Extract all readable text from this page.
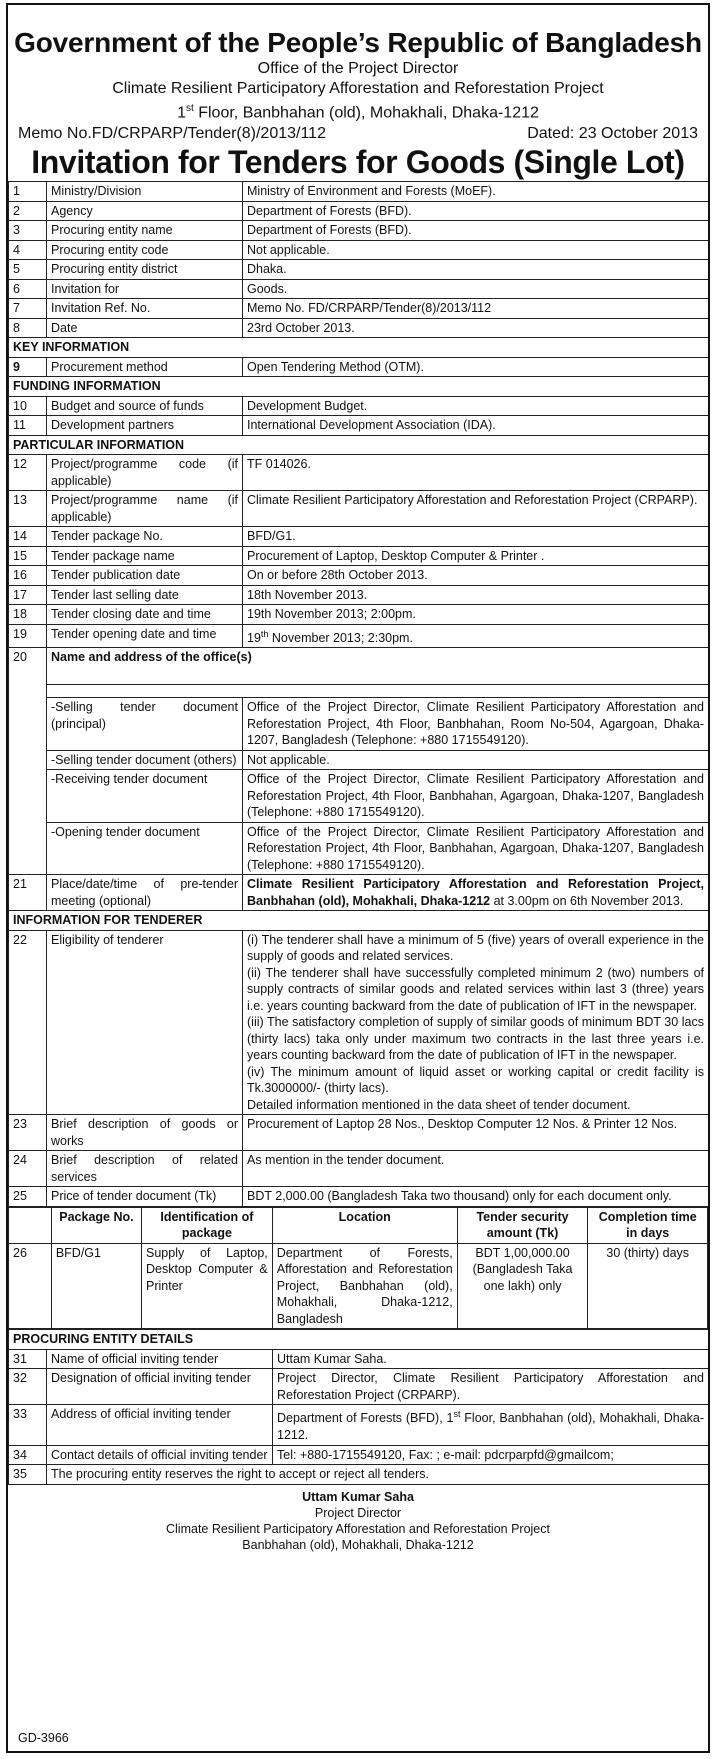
Government of the People’s Republic of Bangladesh
Office of the Project Director
Climate Resilient Participatory Afforestation and Reforestation Project
1st Floor, Banbhahan (old), Mohakhali, Dhaka-1212
Memo No.FD/CRPARP/Tender(8)/2013/112	Dated: 23 October 2013
Invitation for Tenders for Goods (Single Lot)
1	Ministry/Division	Ministry of Environment and Forests (MoEF).
2	Agency	Department of Forests (BFD).
3	Procuring entity name	Department of Forests (BFD).
4	Procuring entity code	Not applicable.
5	Procuring entity district	Dhaka.
6	Invitation for	Goods.
7	Invitation Ref. No.	Memo No. FD/CRPARP/Tender(8)/2013/112
8	Date	23rd October 2013.
KEY INFORMATION		
9	Procurement method	Open Tendering Method (OTM).
FUNDING INFORMATION		
10	Budget and source of funds	Development Budget.
11	Development partners	International Development Association (IDA).
PARTICULAR INFORMATION		
12	Project/programme code (if applicable)	TF 014026.
13	Project/programme name (if applicable)	Climate Resilient Participatory Afforestation and Reforestation Project (CRPARP).
14	Tender package No.	BFD/G1.
15	Tender package name	Procurement of Laptop, Desktop Computer & Printer .
16	Tender publication date	On or before 28th October 2013.
17	Tender last selling date	18th November 2013.
18	Tender closing date and time	19th November 2013; 2:00pm.
19	Tender opening date and time	19th November 2013; 2:30pm.
20	Name and address of the office(s)	

	-Selling tender document (principal)	Office of the Project Director, Climate Resilient Participatory Afforestation and Reforestation Project, 4th Floor, Banbhahan, Room No-504, Agargoan, Dhaka-1207, Bangladesh (Telephone: +880 1715549120).
	-Selling tender document (others)	Not applicable.
	-Receiving tender document	Office of the Project Director, Climate Resilient Participatory Afforestation and Reforestation Project, 4th Floor, Banbhahan, Agargoan, Dhaka-1207, Bangladesh (Telephone: +880 1715549120).
	-Opening tender document	Office of the Project Director, Climate Resilient Participatory Afforestation and Reforestation Project, 4th Floor, Banbhahan, Agargoan, Dhaka-1207, Bangladesh (Telephone: +880 1715549120).
21	Place/date/time of pre-tender meeting (optional)	Climate Resilient Participatory Afforestation and Reforestation Project, Banbhahan (old), Mohakhali, Dhaka-1212 at 3.00pm on 6th November 2013.
INFORMATION FOR TENDERER		
22	Eligibility of tenderer	(i) The tenderer shall have a minimum of 5 (five) years of overall experience in the supply of goods and related services.
(ii) The tenderer shall have successfully completed minimum 2 (two) numbers of supply contracts of similar goods and related services within last 3 (three) years i.e. years counting backward from the date of publication of IFT in the newspaper.
(iii) The satisfactory completion of supply of similar goods of minimum BDT 30 lacs (thirty lacs) taka only under maximum two contracts in the last three years i.e. years counting backward from the date of publication of IFT in the newspaper.
(iv) The minimum amount of liquid asset or working capital or credit facility is Tk.3000000/- (thirty lacs).
Detailed information mentioned in the data sheet of tender document.

23	Brief description of goods or works	Procurement of Laptop 28 Nos., Desktop Computer 12 Nos. & Printer 12 Nos.
24	Brief description of related services	As mention in the tender document.
25	Price of tender document (Tk)	BDT 2,000.00 (Bangladesh Taka two thousand) only for each document only.
	Package No.	Identification of package	Location	Tender security amount (Tk)	Completion time in days
26	BFD/G1	Supply of Laptop, Desktop Computer & Printer	Department of Forests, Afforestation and Reforestation Project, Banbhahan (old), Mohakhali, Dhaka-1212, Bangladesh	BDT 1,00,000.00 (Bangladesh Taka one lakh) only	30 (thirty) days
PROCURING ENTITY DETAILS		
31	Name of official inviting tender	Uttam Kumar Saha.
32	Designation of official inviting tender	Project Director, Climate Resilient Participatory Afforestation and Reforestation Project (CRPARP).
33	Address of official inviting tender	Department of Forests (BFD), 1st Floor, Banbhahan (old), Mohakhali, Dhaka-1212.
34	Contact details of official inviting tender	Tel: +880-1715549120, Fax: ; e-mail: pdcrparpfd@gmailcom;
35	The procuring entity reserves the right to accept or reject all tenders.	
Uttam Kumar Saha
Project Director
Climate Resilient Participatory Afforestation and Reforestation Project
Banbhahan (old), Mohakhali, Dhaka-1212
GD-3966
